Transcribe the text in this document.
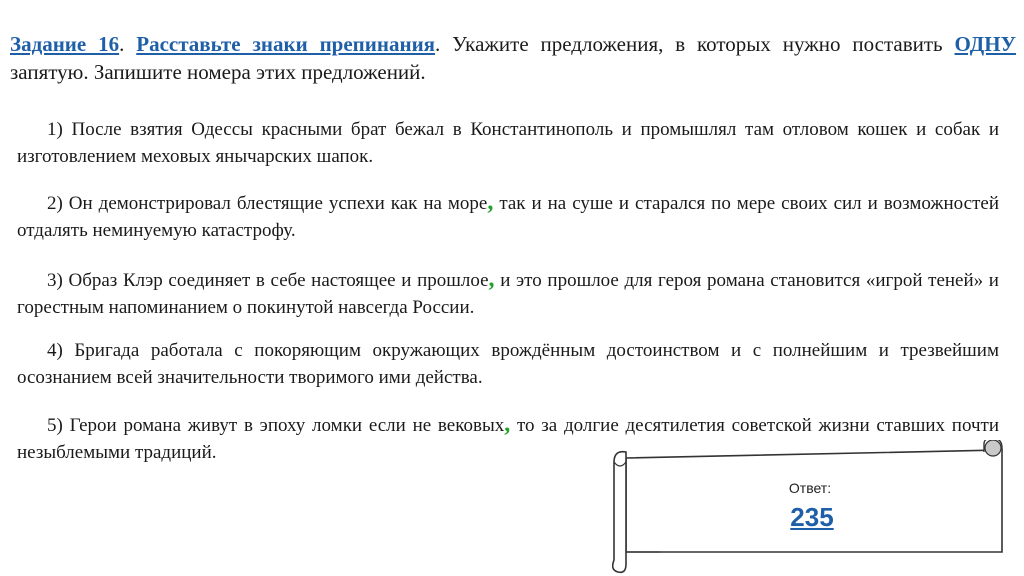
Задание 16. Расставьте знаки препинания. Укажите предложения, в которых нужно поставить ОДНУ запятую. Запишите номера этих предложений.

1) После взятия Одессы красными брат бежал в Константинополь и промышлял там отловом кошек и собак и изготовлением меховых янычарских шапок.

2) Он демонстрировал блестящие успехи как на море, так и на суше и старался по мере своих сил и возможностей отдалять неминуемую катастрофу.

3) Образ Клэр соединяет в себе настоящее и прошлое, и это прошлое для героя романа становится «игрой теней» и горестным напоминанием о покинутой навсегда России.

4) Бригада работала с покоряющим окружающих врождённым достоинством и с полнейшим и трезвейшим осознанием всей значительности творимого ими действа.

5) Герои романа живут в эпоху ломки если не вековых, то за долгие десятилетия советской жизни ставших почти незыблемыми традиций.

Ответ:
235
